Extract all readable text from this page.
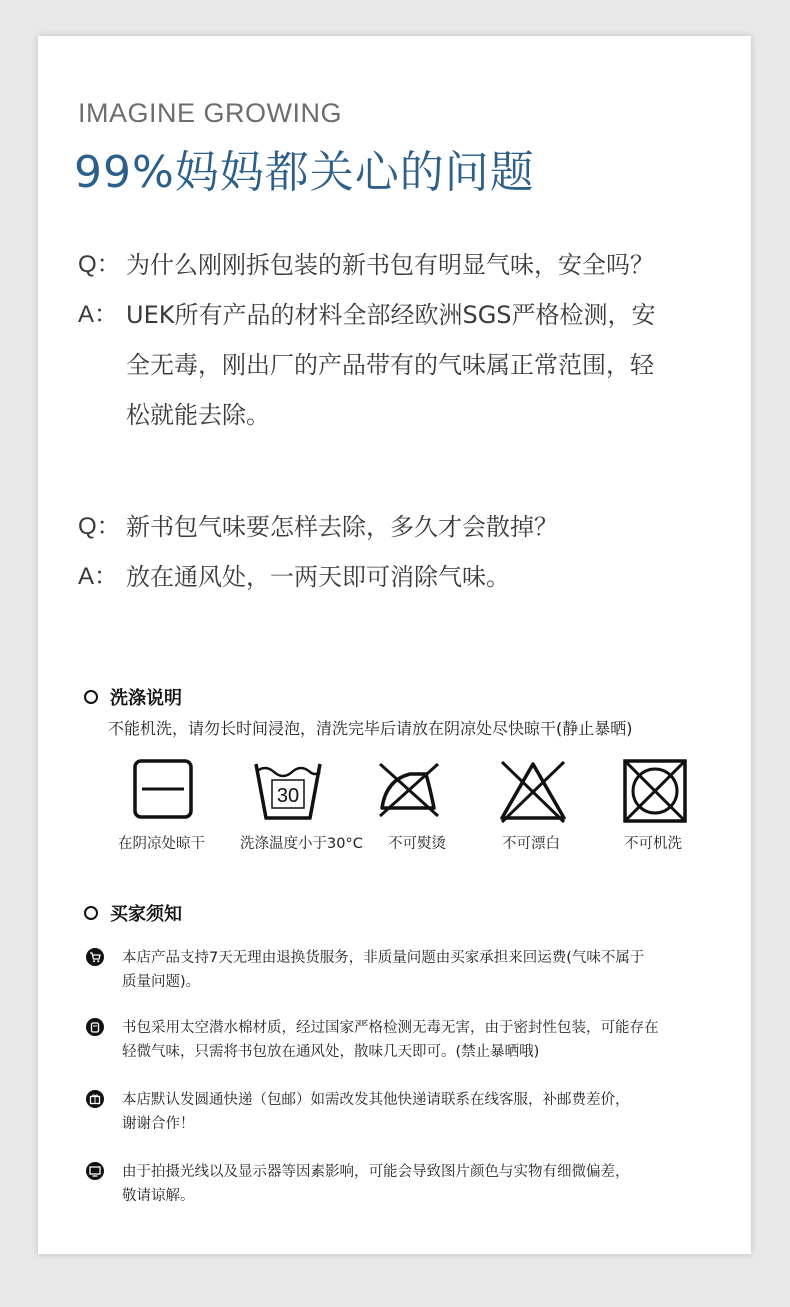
IMAGINE GROWING
99%妈妈都关心的问题
Q： 为什么刚刚拆包装的新书包有明显气味，安全吗？
A： UEK所有产品的材料全部经欧洲SGS严格检测，安
全无毒，刚出厂的产品带有的气味属正常范围，轻
松就能去除。
Q： 新书包气味要怎样去除，多久才会散掉？
A： 放在通风处，一两天即可消除气味。
洗涤说明
不能机洗，请勿长时间浸泡，清洗完毕后请放在阴凉处尽快晾干(静止暴晒)
30
在阴凉处晾干 洗涤温度小于30°C 不可熨烫	不可漂白	不可机洗
买家须知
本店产品支持7天无理由退换货服务，非质量问题由买家承担来回运费(气味不属于
质量问题)。
书包采用太空潜水棉材质，经过国家严格检测无毒无害，由于密封性包装，可能存在
轻微气味，只需将书包放在通风处，散味几天即可。(禁止暴晒哦)
本店默认发圆通快递（包邮）如需改发其他快递请联系在线客服，补邮费差价，
谢谢合作！
由于拍摄光线以及显示器等因素影响，可能会导致图片颜色与实物有细微偏差，
敬请谅解。
